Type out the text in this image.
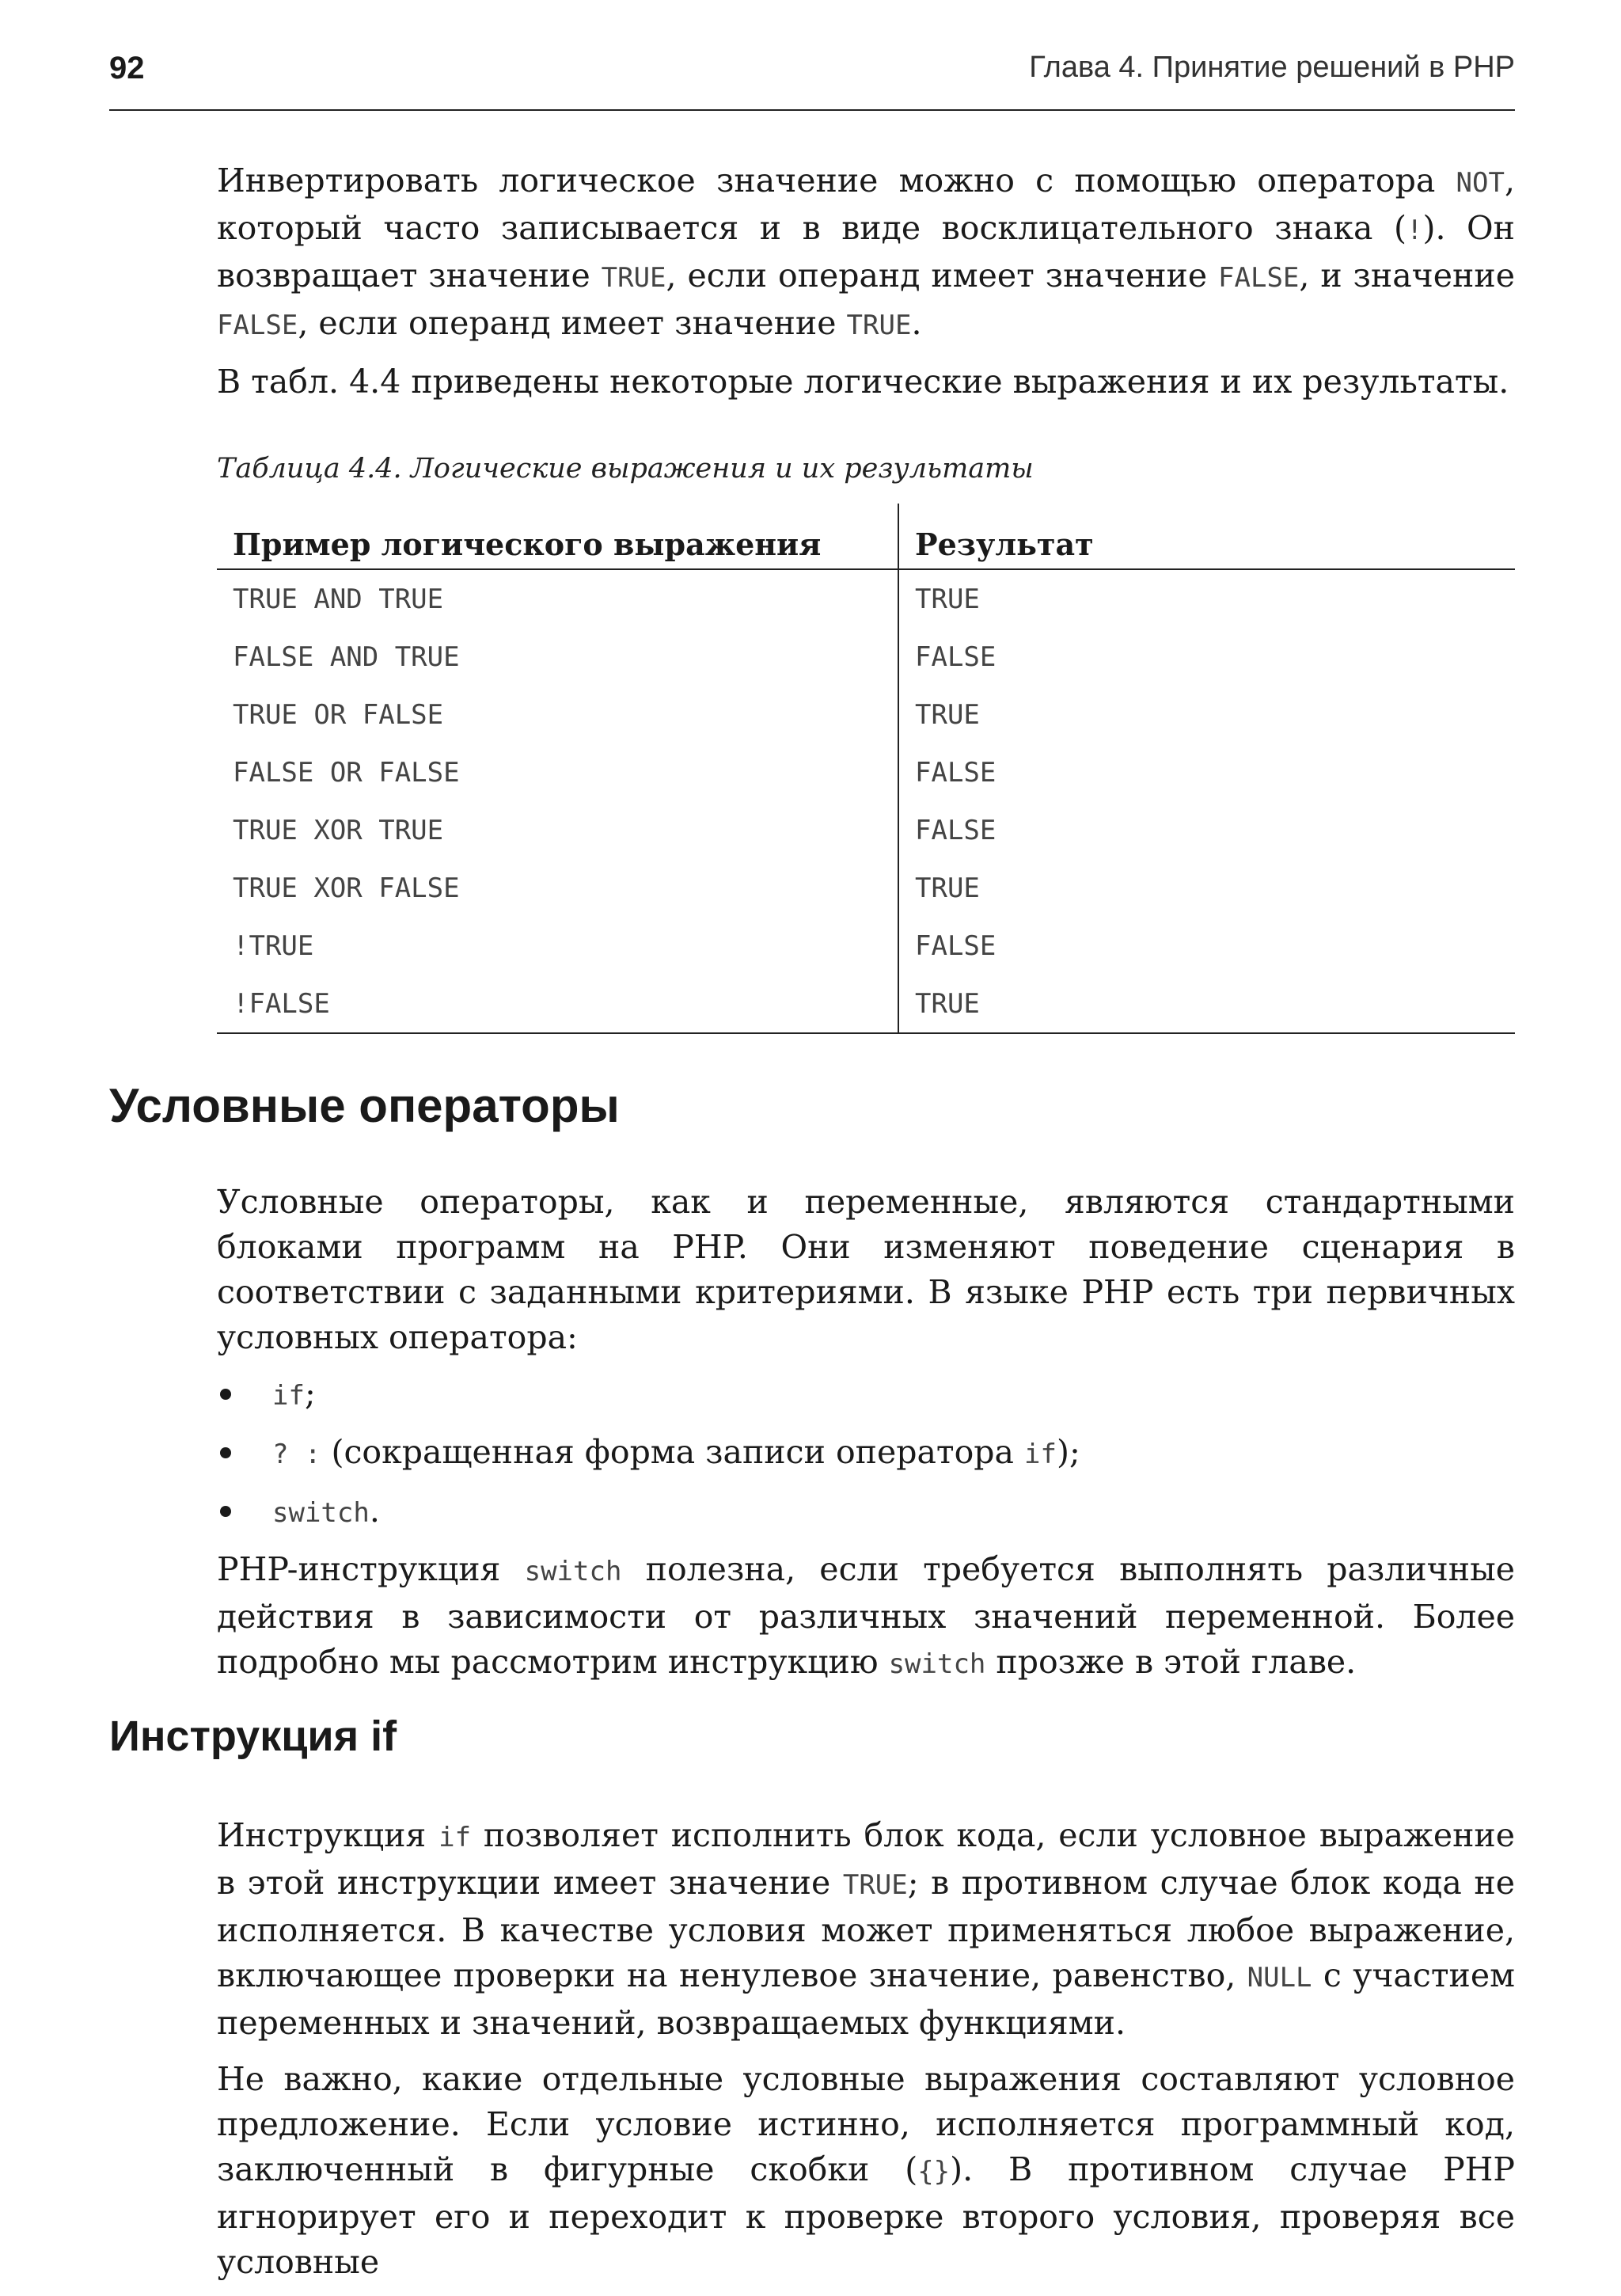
92	Глава 4. Принятие решений в PHP

Инвертировать логическое значение можно с помощью оператора NOT, который часто записывается и в виде восклицательного знака (!). Он возвращает значение TRUE, если операнд имеет значение FALSE, и значение FALSE, если операнд имеет значение TRUE.

В табл. 4.4 приведены некоторые логические выражения и их результаты.

Таблица 4.4. Логические выражения и их результаты
Пример логического выражения	Результат
TRUE AND TRUE	TRUE
FALSE AND TRUE	FALSE
TRUE OR FALSE	TRUE
FALSE OR FALSE	FALSE
TRUE XOR TRUE	FALSE
TRUE XOR FALSE	TRUE
!TRUE	FALSE
!FALSE	TRUE
Условные операторы

Условные операторы, как и переменные, являются стандартными блоками программ на PHP. Они изменяют поведение сценария в соответствии с заданными критериями. В языке PHP есть три первичных условных оператора:

if;
? : (сокращенная форма записи оператора if);
switch.

PHP-инструкция switch полезна, если требуется выполнять различные действия в зависимости от различных значений переменной. Более подробно мы рассмотрим инструкцию switch прозже в этой главе.

Инструкция if

Инструкция if позволяет исполнить блок кода, если условное выражение в этой инструкции имеет значение TRUE; в противном случае блок кода не исполняется. В качестве условия может применяться любое выражение, включающее проверки на ненулевое значение, равенство, NULL с участием переменных и значений, возвращаемых функциями.

Не важно, какие отдельные условные выражения составляют условное предложение. Если условие истинно, исполняется программный код, заключенный в фигурные скобки ({}). В противном случае PHP игнорирует его и переходит к проверке второго условия, проверяя все условные
